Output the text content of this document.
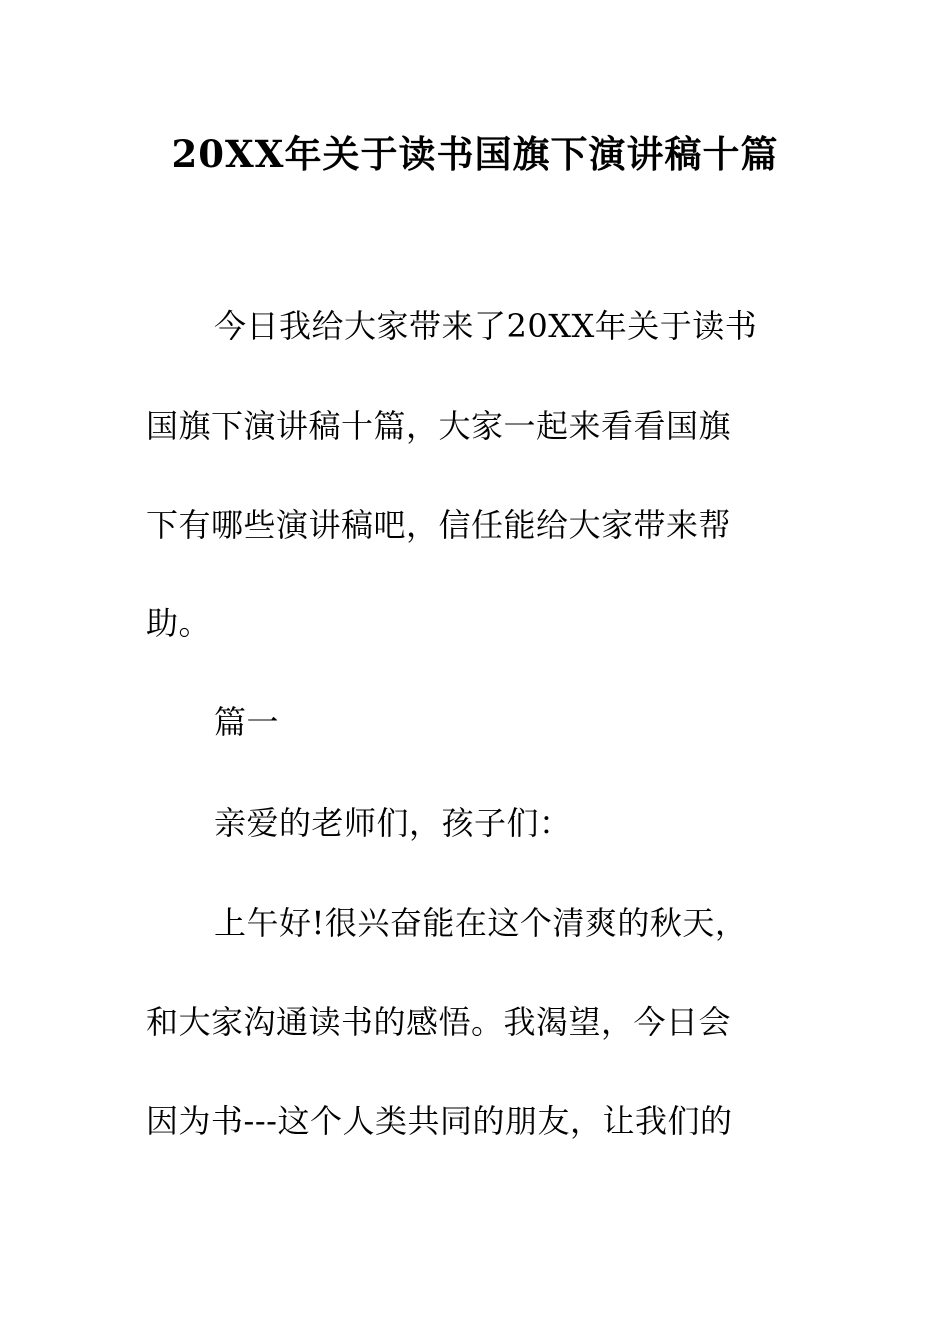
20XX年关于读书国旗下演讲稿十篇
今日我给大家带来了20XX年关于读书
国旗下演讲稿十篇，大家一起来看看国旗
下有哪些演讲稿吧，信任能给大家带来帮
助。
篇一
亲爱的老师们，孩子们：
上午好!很兴奋能在这个清爽的秋天，
和大家沟通读书的感悟。我渴望，今日会
因为书---这个人类共同的朋友，让我们的
